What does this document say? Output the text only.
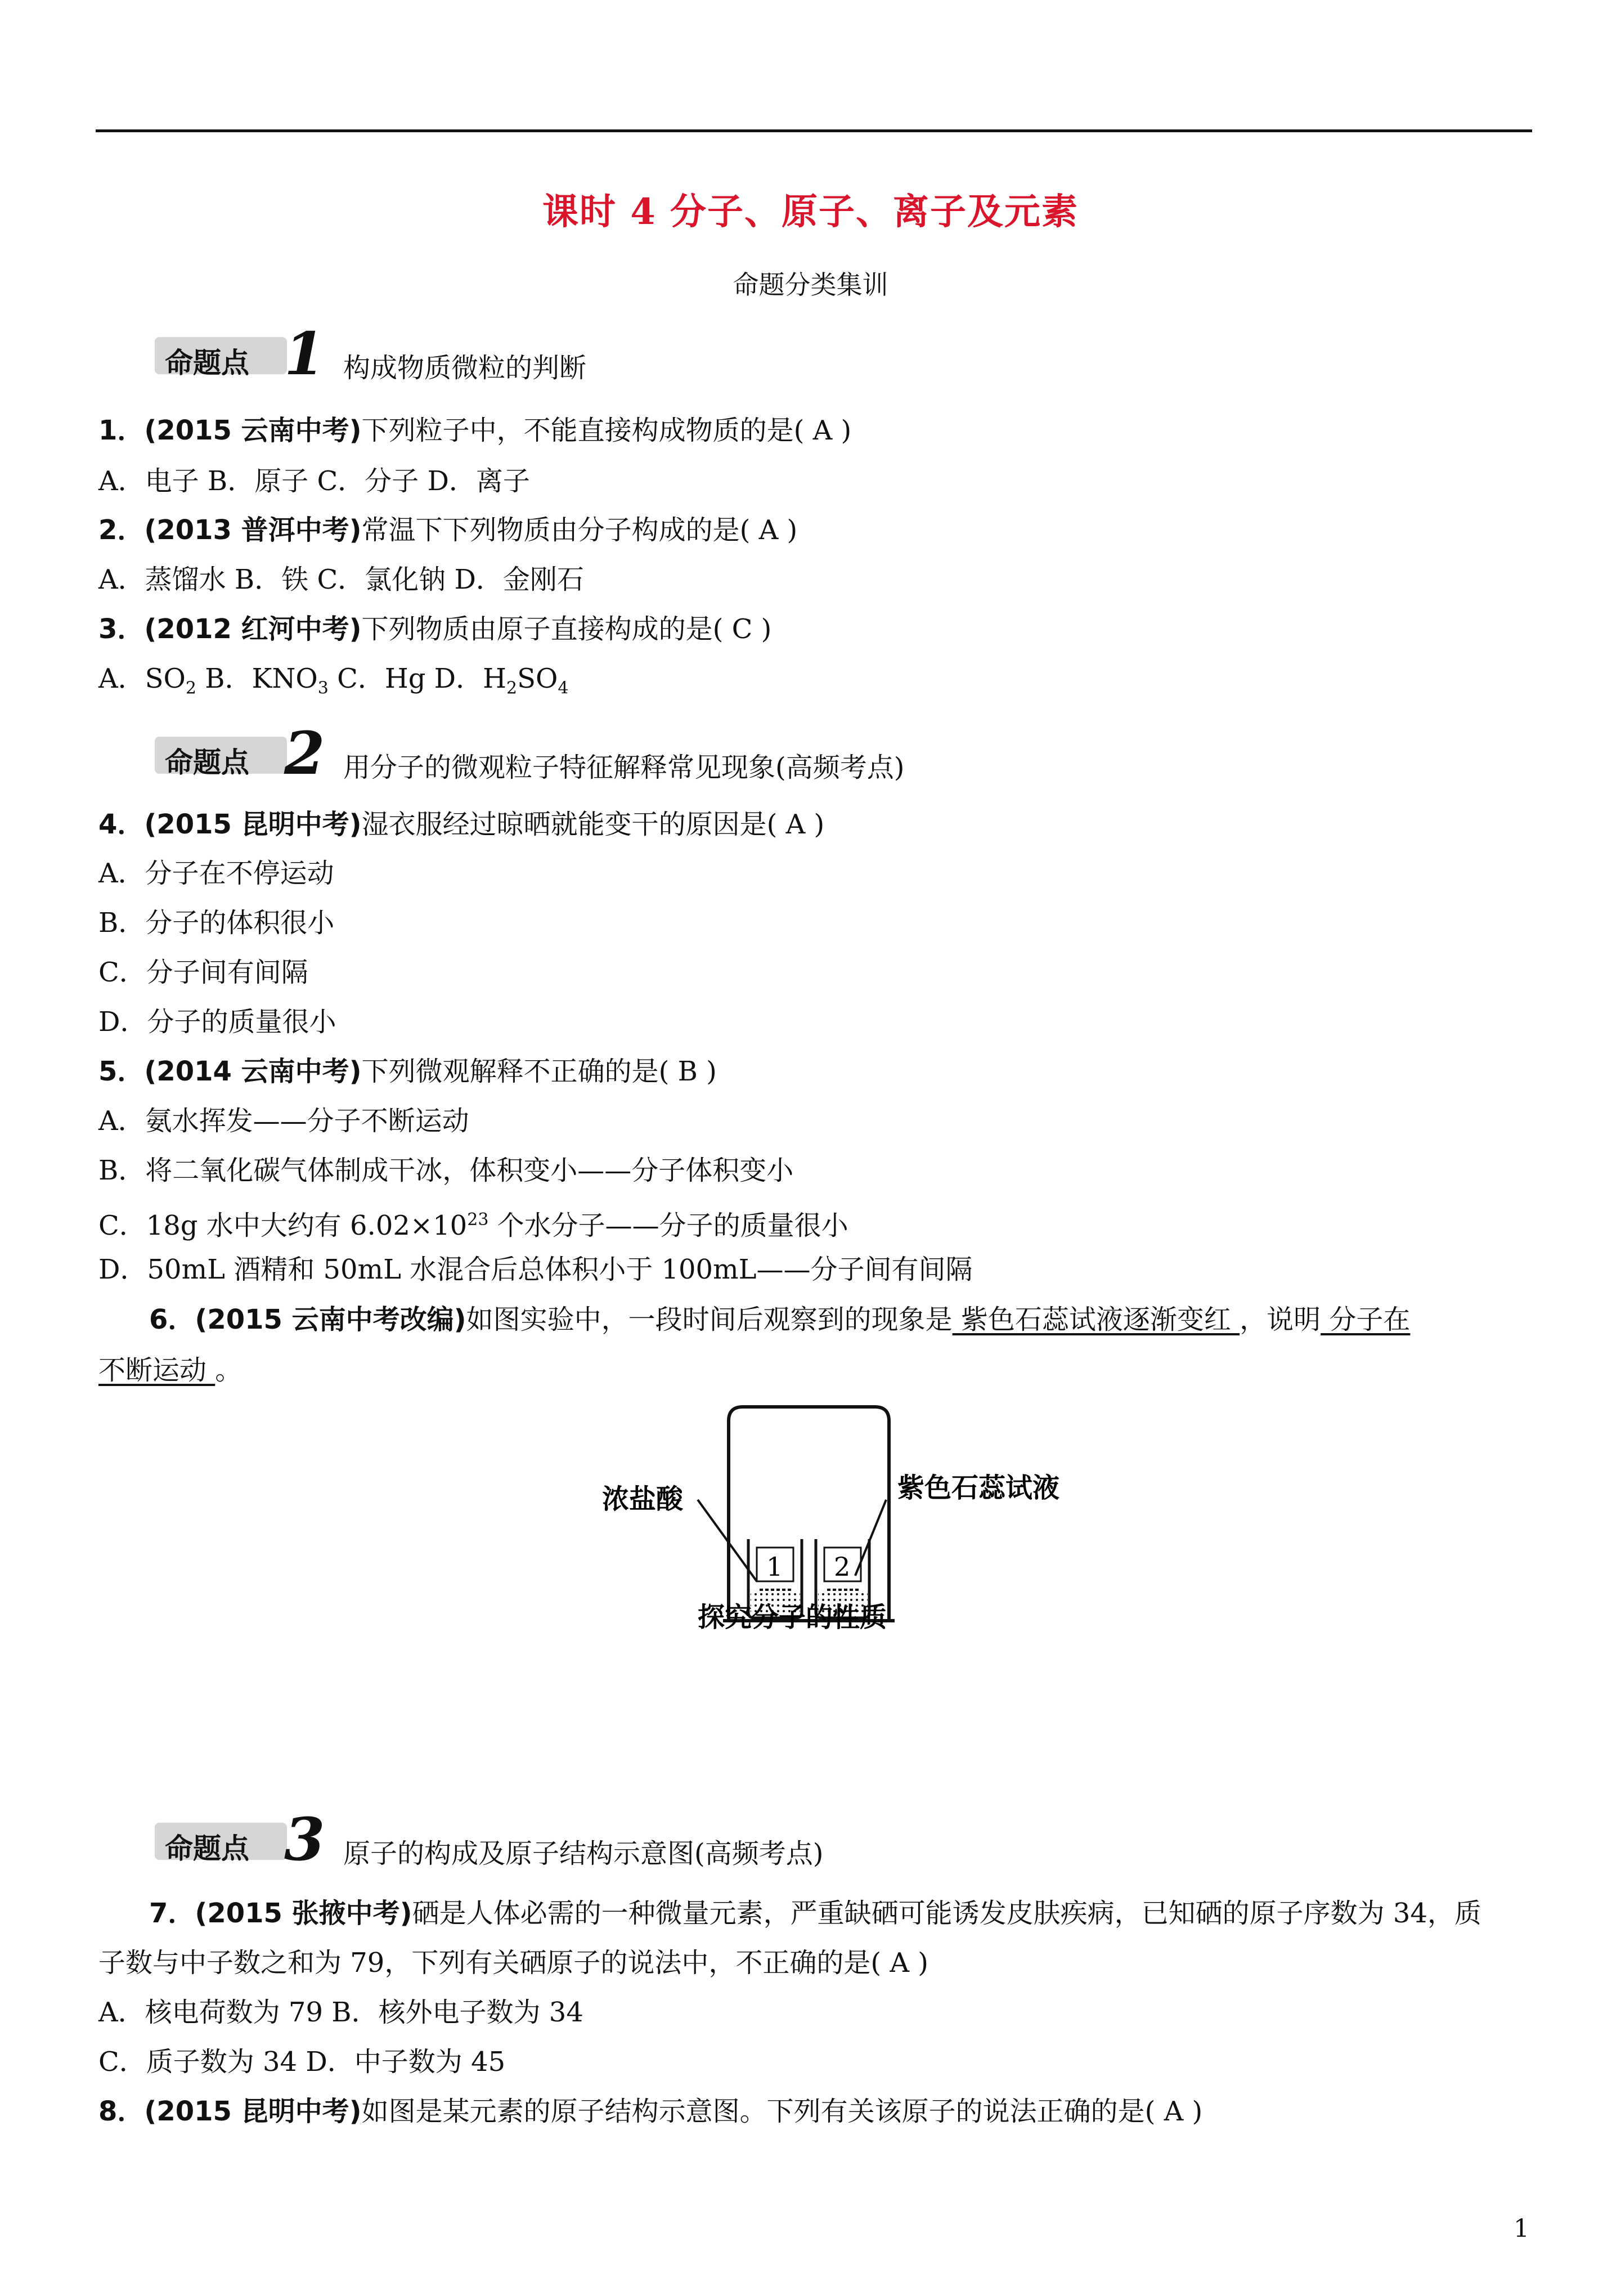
课时 4 分子、原子、离子及元素
命题分类集训
命题点 1 构成物质微粒的判断
1．(2015 云南中考)下列粒子中，不能直接构成物质的是( A )
A．电子 B．原子 C．分子 D．离子
2．(2013 普洱中考)常温下下列物质由分子构成的是( A )
A．蒸馏水 B．铁 C．氯化钠 D．金刚石
3．(2012 红河中考)下列物质由原子直接构成的是( C )
A．$SO_2$ B．$KNO_3$ C．Hg D．$H_2SO_4$
命题点 2 用分子的微观粒子特征解释常见现象(高频考点)
4．(2015 昆明中考)湿衣服经过晾晒就能变干的原因是( A )
A．分子在不停运动
B．分子的体积很小
C．分子间有间隔
D．分子的质量很小
5．(2014 云南中考)下列微观解释不正确的是( B )
A．氨水挥发——分子不断运动
B．将二氧化碳气体制成干冰，体积变小——分子体积变小
C．18g 水中大约有 $6.02\times 10^{23}$ 个水分子——分子的质量很小
D．50mL 酒精和 50mL 水混合后总体积小于 100mL——分子间有间隔
6．(2015 云南中考改编)如图实验中，一段时间后观察到的现象是 紫色石蕊试液逐渐变红 ，说明 分子在
不断运动 。
浓盐酸	紫色石蕊试液
1 2
探究分子的性质
命题点 3 原子的构成及原子结构示意图(高频考点)
7．(2015 张掖中考)硒是人体必需的一种微量元素，严重缺硒可能诱发皮肤疾病，已知硒的原子序数为 34，质
子数与中子数之和为 79，下列有关硒原子的说法中，不正确的是( A )
A．核电荷数为 79 B．核外电子数为 34
C．质子数为 34 D．中子数为 45
8．(2015 昆明中考)如图是某元素的原子结构示意图。下列有关该原子的说法正确的是( A )
1
